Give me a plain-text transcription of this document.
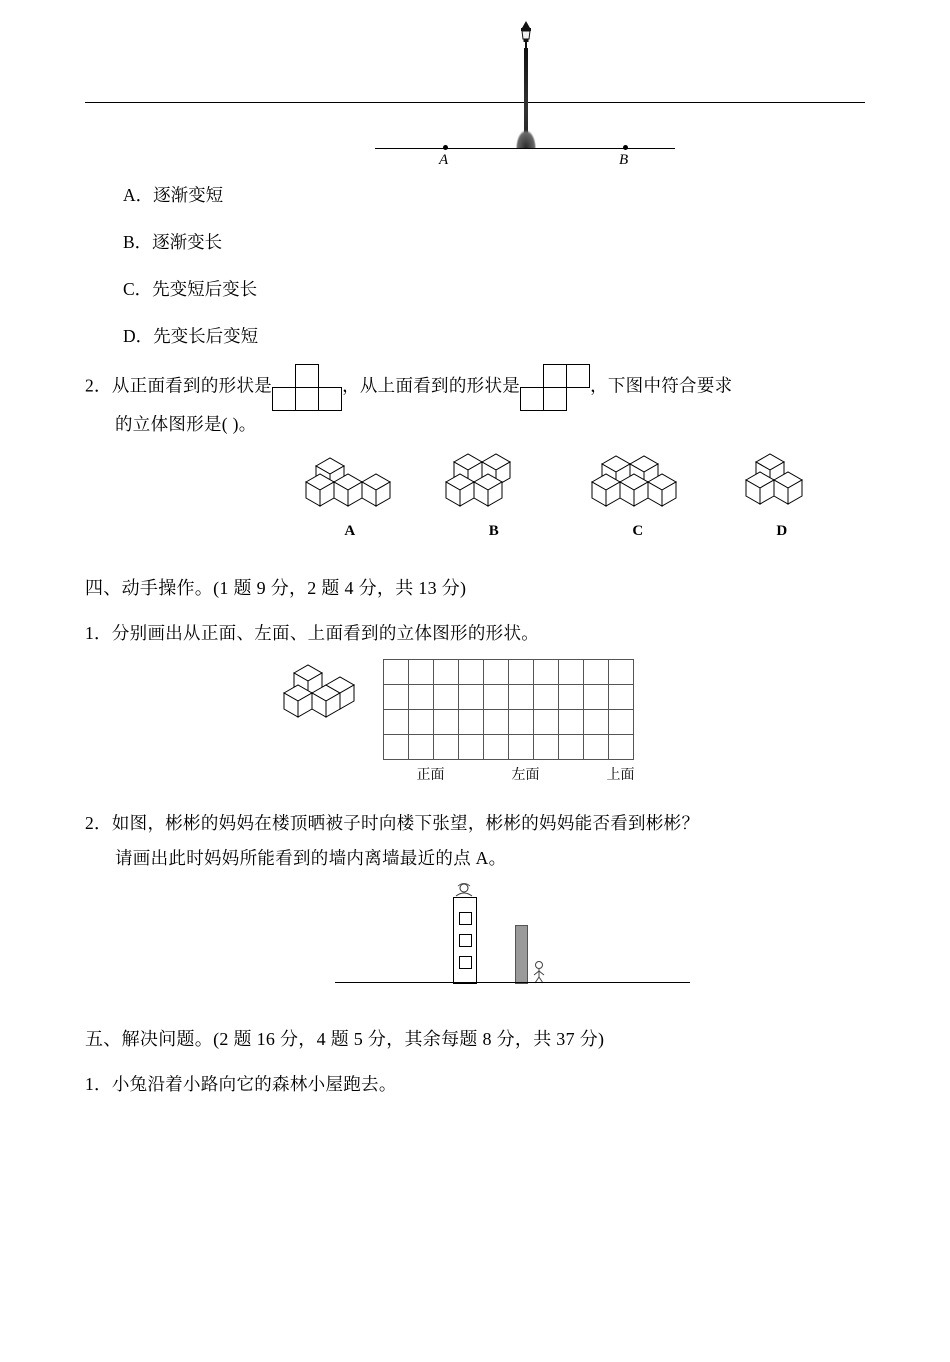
A	B
A．逐渐变短
B．逐渐变长
C．先变短后变长
D．先变长后变短
2．从正面看到的形状是		
			，从上面看到的形状是		
			，下图中符合要求
的立体图形是( )。
A	B	C	D
四、动手操作。(1 题 9 分，2 题 4 分，共 13 分)
1．分别画出从正面、左面、上面看到的立体图形的形状。

正面	左面	上面
2．如图，彬彬的妈妈在楼顶晒被子时向楼下张望，彬彬的妈妈能否看到彬彬？
请画出此时妈妈所能看到的墙内离墙最近的点 A。
五、解决问题。(2 题 16 分，4 题 5 分，其余每题 8 分，共 37 分)
1．小兔沿着小路向它的森林小屋跑去。
